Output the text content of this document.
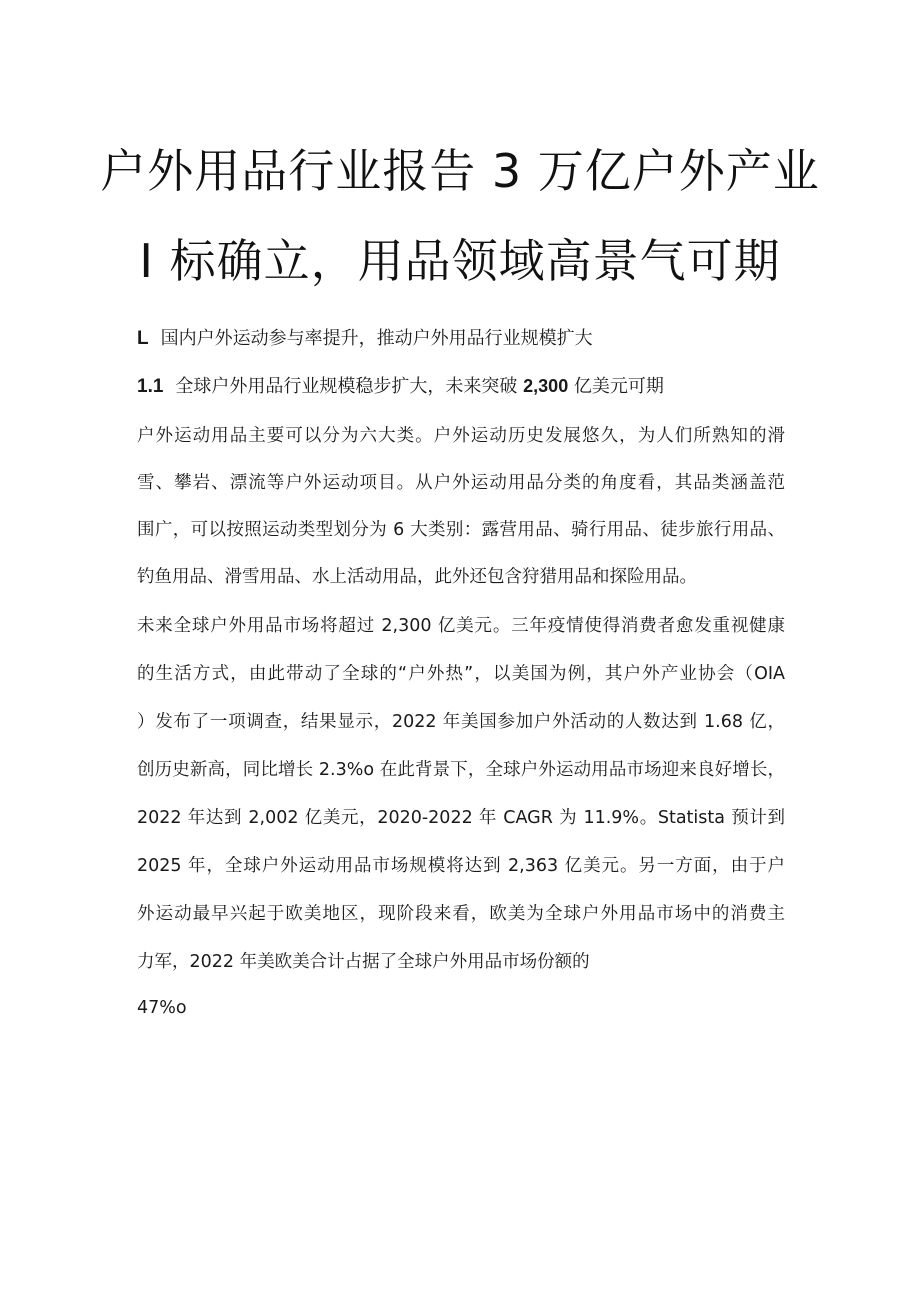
户外用品行业报告 3 万亿户外产业
I 标确立，用品领域高景气可期
L 国内户外运动参与率提升，推动户外用品行业规模扩大
1.1 全球户外用品行业规模稳步扩大，未来突破 2,300 亿美元可期
户外运动用品主要可以分为六大类。户外运动历史发展悠久，为人们所熟知的滑
雪、攀岩、漂流等户外运动项目。从户外运动用品分类的角度看，其品类涵盖范
围广，可以按照运动类型划分为 6 大类别：露营用品、骑行用品、徒步旅行用品、
钓鱼用品、滑雪用品、水上活动用品，此外还包含狩猎用品和探险用品。
未来全球户外用品市场将超过 2,300 亿美元。三年疫情使得消费者愈发重视健康
的生活方式，由此带动了全球的“户外热”，以美国为例，其户外产业协会（OIA
）发布了一项调查，结果显示，2022 年美国参加户外活动的人数达到 1.68 亿，
创历史新高，同比增长 2.3%o 在此背景下，全球户外运动用品市场迎来良好增长，
2022 年达到 2,002 亿美元，2020-2022 年 CAGR 为 11.9%。Statista 预计到
2025 年，全球户外运动用品市场规模将达到 2,363 亿美元。另一方面，由于户
外运动最早兴起于欧美地区，现阶段来看，欧美为全球户外用品市场中的消费主
力军，2022 年美欧美合计占据了全球户外用品市场份额的
47%o
